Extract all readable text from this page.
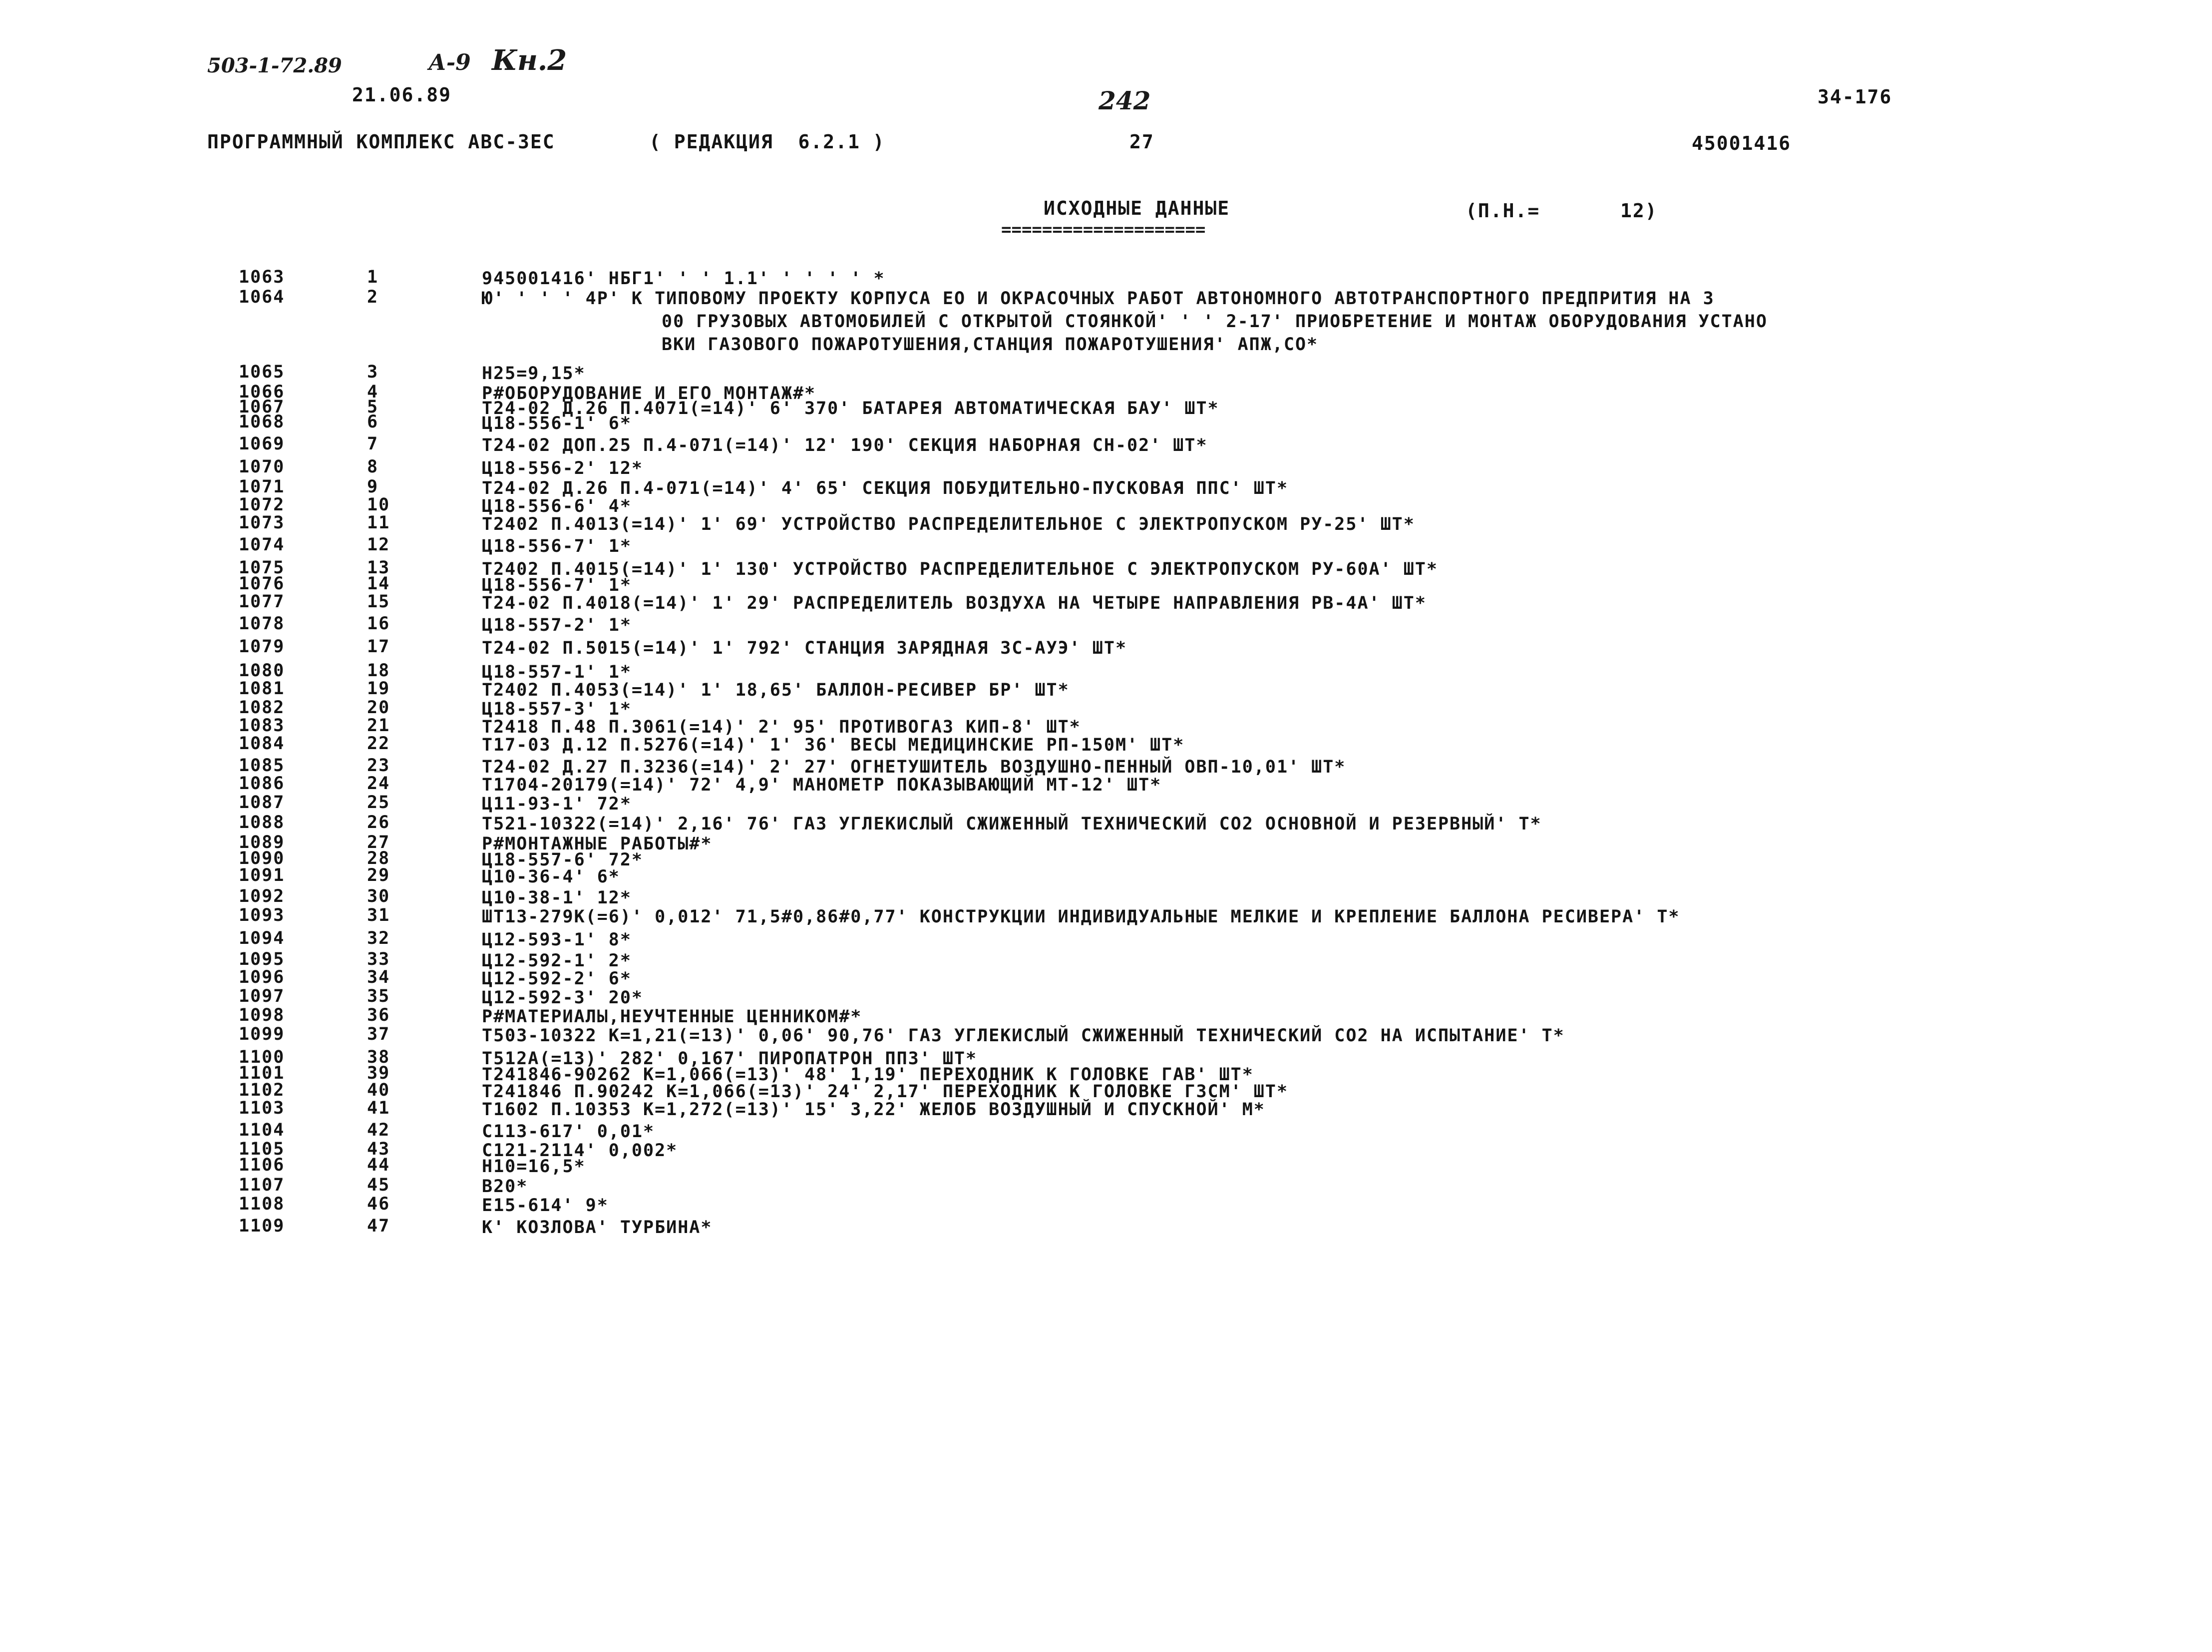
503-1-72.89	А-9 Кн.2
21.06.89	242	34-176
ПРОГРАММНЫЙ КОМПЛЕКС АВС-3ЕС	( РЕДАКЦИЯ  6.2.1 )	27	45001416
ИСХОДНЫЕ ДАННЫЕ
====================
(П.Н.=	12)
1063	1	945001416' НБГ1' ' ' 1.1' ' ' ' ' *
1064	2	Ю' ' ' ' 4Р' К ТИПОВОМУ ПРОЕКТУ КОРПУСА ЕО И ОКРАСОЧНЫХ РАБОТ АВТОНОМНОГО АВТОТРАНСПОРТНОГО ПРЕДПРИТИЯ НА 3
00 ГРУЗОВЫХ АВТОМОБИЛЕЙ С ОТКРЫТОЙ СТОЯНКОЙ' ' ' 2-17' ПРИОБРЕТЕНИЕ И МОНТАЖ ОБОРУДОВАНИЯ УСТАНО
ВКИ ГАЗОВОГО ПОЖАРОТУШЕНИЯ,СТАНЦИЯ ПОЖАРОТУШЕНИЯ' АПЖ,СО*
1065	3	Н25=9,15*
1066	4	Р#ОБОРУДОВАНИЕ И ЕГО МОНТАЖ#*
1067	5	Т24-02 Д.26 П.4071(=14)' 6' 370' БАТАРЕЯ АВТОМАТИЧЕСКАЯ БАУ' ШТ*
1068	6	Ц18-556-1' 6*
1069	7	Т24-02 ДОП.25 П.4-071(=14)' 12' 190' СЕКЦИЯ НАБОРНАЯ СН-02' ШТ*
1070	8	Ц18-556-2' 12*
1071	9	Т24-02 Д.26 П.4-071(=14)' 4' 65' СЕКЦИЯ ПОБУДИТЕЛЬНО-ПУСКОВАЯ ППС' ШТ*
1072	10	Ц18-556-6' 4*
1073	11	Т2402 П.4013(=14)' 1' 69' УСТРОЙСТВО РАСПРЕДЕЛИТЕЛЬНОЕ С ЭЛЕКТРОПУСКОМ РУ-25' ШТ*
1074	12	Ц18-556-7' 1*
1075	13	Т2402 П.4015(=14)' 1' 130' УСТРОЙСТВО РАСПРЕДЕЛИТЕЛЬНОЕ С ЭЛЕКТРОПУСКОМ РУ-60А' ШТ*
1076	14	Ц18-556-7' 1*
1077	15	Т24-02 П.4018(=14)' 1' 29' РАСПРЕДЕЛИТЕЛЬ ВОЗДУХА НА ЧЕТЫРЕ НАПРАВЛЕНИЯ РВ-4А' ШТ*
1078	16	Ц18-557-2' 1*
1079	17	Т24-02 П.5015(=14)' 1' 792' СТАНЦИЯ ЗАРЯДНАЯ ЗС-АУЭ' ШТ*
1080	18	Ц18-557-1' 1*
1081	19	Т2402 П.4053(=14)' 1' 18,65' БАЛЛОН-РЕСИВЕР БР' ШТ*
1082	20	Ц18-557-3' 1*
1083	21	Т2418 П.48 П.3061(=14)' 2' 95' ПРОТИВОГАЗ КИП-8' ШТ*
1084	22	Т17-03 Д.12 П.5276(=14)' 1' 36' ВЕСЫ МЕДИЦИНСКИЕ РП-150М' ШТ*
1085	23	Т24-02 Д.27 П.3236(=14)' 2' 27' ОГНЕТУШИТЕЛЬ ВОЗДУШНО-ПЕННЫЙ ОВП-10,01' ШТ*
1086	24	Т1704-20179(=14)' 72' 4,9' МАНОМЕТР ПОКАЗЫВАЮЩИЙ МТ-12' ШТ*
1087	25	Ц11-93-1' 72*
1088	26	Т521-10322(=14)' 2,16' 76' ГАЗ УГЛЕКИСЛЫЙ СЖИЖЕННЫЙ ТЕХНИЧЕСКИЙ СО2 ОСНОВНОЙ И РЕЗЕРВНЫЙ' Т*
1089	27	Р#МОНТАЖНЫЕ РАБОТЫ#*
1090	28	Ц18-557-6' 72*
1091	29	Ц10-36-4' 6*
1092	30	Ц10-38-1' 12*
1093	31	ШТ13-279К(=6)' 0,012' 71,5#0,86#0,77' КОНСТРУКЦИИ ИНДИВИДУАЛЬНЫЕ МЕЛКИЕ И КРЕПЛЕНИЕ БАЛЛОНА РЕСИВЕРА' Т*
1094	32	Ц12-593-1' 8*
1095	33	Ц12-592-1' 2*
1096	34	Ц12-592-2' 6*
1097	35	Ц12-592-3' 20*
1098	36	Р#МАТЕРИАЛЫ,НЕУЧТЕННЫЕ ЦЕННИКОМ#*
1099	37	Т503-10322 К=1,21(=13)' 0,06' 90,76' ГАЗ УГЛЕКИСЛЫЙ СЖИЖЕННЫЙ ТЕХНИЧЕСКИЙ СО2 НА ИСПЫТАНИЕ' Т*
1100	38	Т512А(=13)' 282' 0,167' ПИРОПАТРОН ПП3' ШТ*
1101	39	Т241846-90262 К=1,066(=13)' 48' 1,19' ПЕРЕХОДНИК К ГОЛОВКЕ ГАВ' ШТ*
1102	40	Т241846 П.90242 К=1,066(=13)' 24' 2,17' ПЕРЕХОДНИК К ГОЛОВКЕ ГЗСМ' ШТ*
1103	41	Т1602 П.10353 К=1,272(=13)' 15' 3,22' ЖЕЛОБ ВОЗДУШНЫЙ И СПУСКНОЙ' М*
1104	42	С113-617' 0,01*
1105	43	С121-2114' 0,002*
1106	44	Н10=16,5*
1107	45	В20*
1108	46	Е15-614' 9*
1109	47	К' КОЗЛОВА' ТУРБИНА*
